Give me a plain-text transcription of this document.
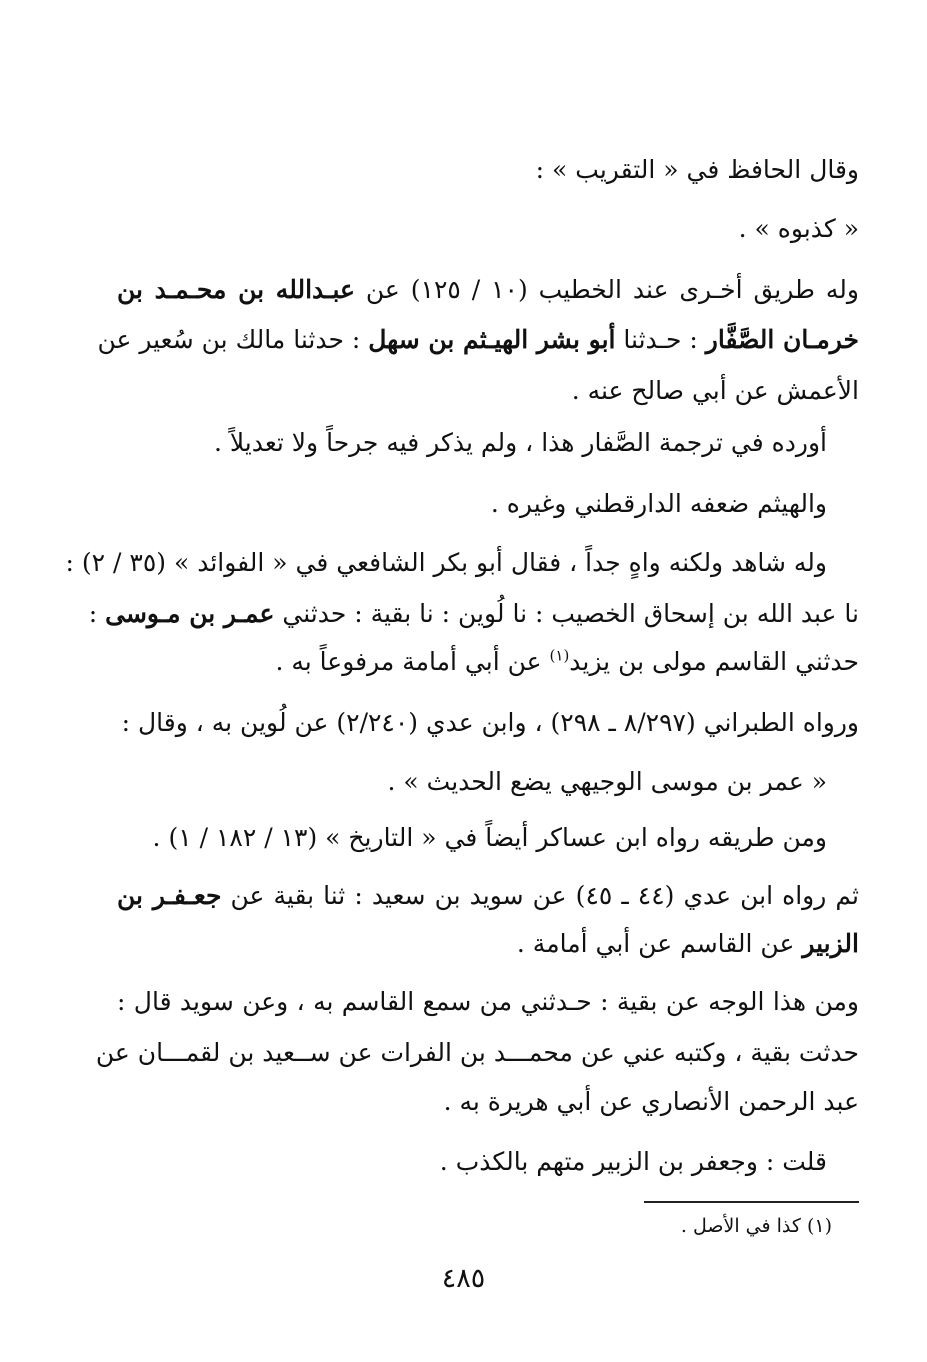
وقال الحافظ في « التقريب » :
« كذبوه » .
وله طريق أخـرى عند الخطيب (١٠ / ١٢٥) عن عبـدالله بن محـمـد بن
خرمـان الصَّفَّار : حـدثنا أبو بشر الهيـثم بن سهل : حدثنا مالك بن سُعير عن
الأعمش عن أبي صالح عنه .
أورده في ترجمة الصَّفار هذا ، ولم يذكر فيه جرحاً ولا تعديلاً .
والهيثم ضعفه الدارقطني وغيره .
وله شاهد ولكنه واهٍ جداً ، فقال أبو بكر الشافعي في « الفوائد » (٣٥ / ٢) :
نا عبد الله بن إسحاق الخصيب : نا لُوين : نا بقية : حدثني عمـر بن مـوسى :
حدثني القاسم مولى بن يزيد$^{(١)}$ عن أبي أمامة مرفوعاً به .
ورواه الطبراني (٨/٢٩٧ ـ ٢٩٨) ، وابن عدي (٢/٢٤٠) عن لُوين به ، وقال :
« عمر بن موسى الوجيهي يضع الحديث » .
ومن طريقه رواه ابن عساكر أيضاً في « التاريخ » (١٣ / ١٨٢ / ١) .
ثم رواه ابن عدي (٤٤ ـ ٤٥) عن سويد بن سعيد : ثنا بقية عن جعـفـر بن
الزبير عن القاسم عن أبي أمامة .
ومن هذا الوجه عن بقية : حـدثني من سمع القاسم به ، وعن سويد قال :
حدثت بقية ، وكتبه عني عن محمـــد بن الفرات عن ســعيد بن لقمـــان عن
عبد الرحمن الأنصاري عن أبي هريرة به .
قلت : وجعفر بن الزبير متهم بالكذب .
(١) كذا في الأصل .
٤٨٥
